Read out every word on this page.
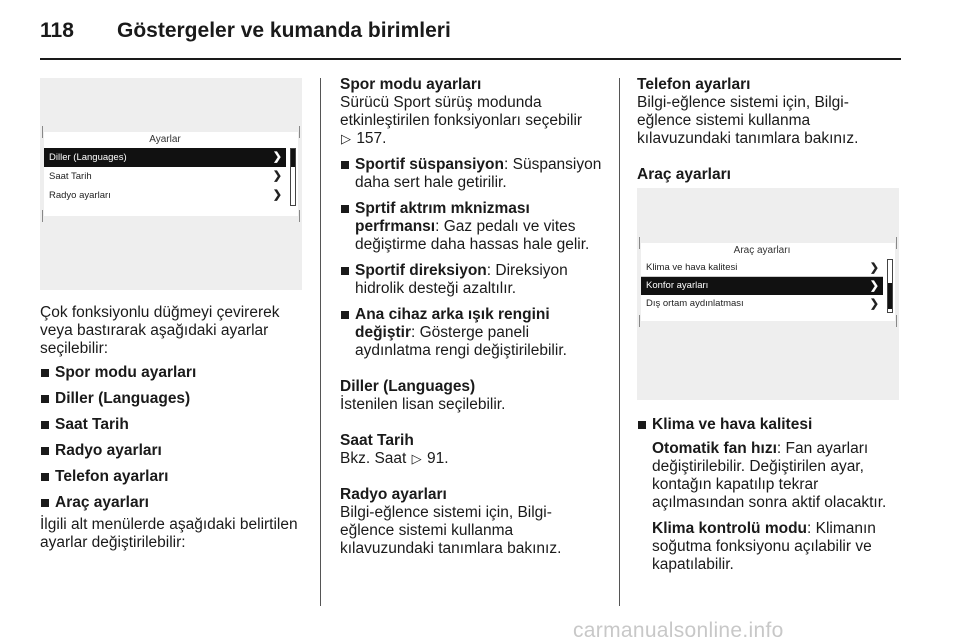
118	Göstergeler ve kumanda birimleri
Ayarlar
Diller (Languages)	❯
Saat Tarih	❯
Radyo ayarları	❯
Çok fonksiyonlu düğmeyi çevirerek veya bastırarak aşağıdaki ayarlar seçilebilir:
Spor modu ayarları
Diller (Languages)
Saat Tarih
Radyo ayarları
Telefon ayarları
Araç ayarları
İlgili alt menülerde aşağıdaki belirtilen ayarlar değiştirilebilir:
Spor modu ayarları
Sürücü Sport sürüş modunda etkinleştirilen fonksiyonları seçebilir
▷ 157.
Sportif süspansiyon: Süspansiyon daha sert hale getirilir.
Sprtif aktrım mknizması perfrmansı: Gaz pedalı ve vites değiştirme daha hassas hale gelir.
Sportif direksiyon: Direksiyon hidrolik desteği azaltılır.
Ana cihaz arka ışık rengini değiştir: Gösterge paneli aydınlatma rengi değiştirilebilir.
Diller (Languages)
İstenilen lisan seçilebilir.
Saat Tarih
Bkz. Saat ▷ 91.
Radyo ayarları
Bilgi-eğlence sistemi için, Bilgi-eğlence sistemi kullanma kılavuzundaki tanımlara bakınız.
Telefon ayarları
Bilgi-eğlence sistemi için, Bilgi-eğlence sistemi kullanma kılavuzundaki tanımlara bakınız.
Araç ayarları
Araç ayarları
Klima ve hava kalitesi	❯
Konfor ayarları	❯
Dış ortam aydınlatması	❯
Klima ve hava kalitesi
Otomatik fan hızı: Fan ayarları değiştirilebilir. Değiştirilen ayar, kontağın kapatılıp tekrar açılmasından sonra aktif olacaktır.
Klima kontrolü modu: Klimanın soğutma fonksiyonu açılabilir ve kapatılabilir.
carmanualsonline.info
